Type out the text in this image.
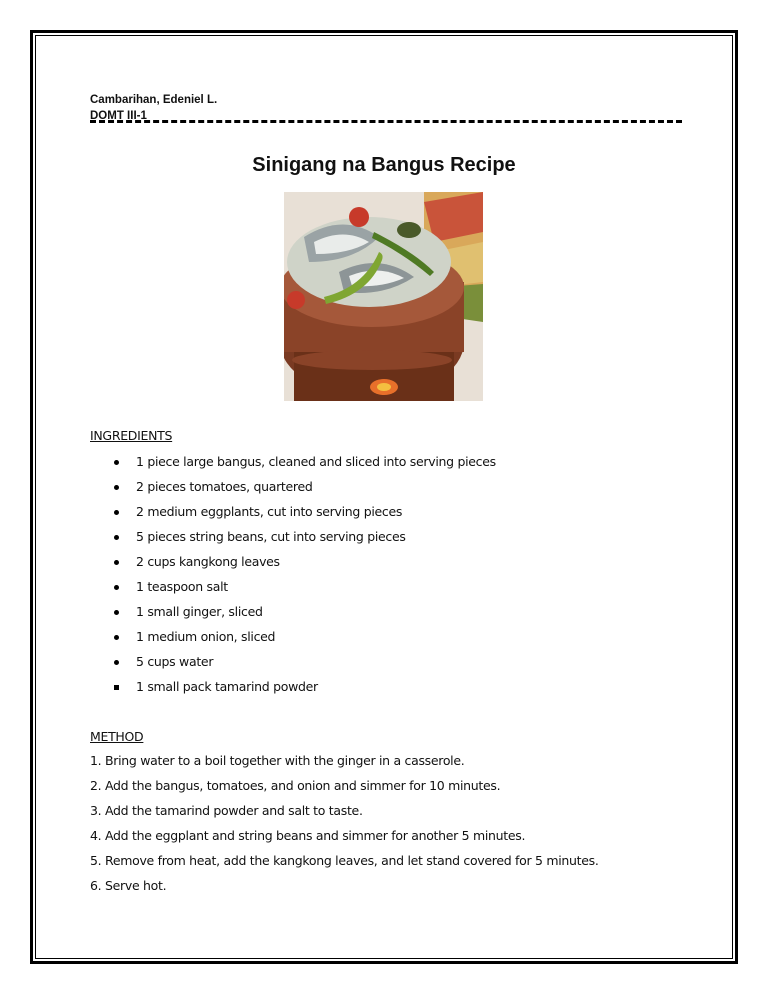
Cambarihan, Edeniel L.
DOMT III-1
Sinigang na Bangus Recipe
INGREDIENTS
1 piece large bangus, cleaned and sliced into serving pieces
2 pieces tomatoes, quartered
2 medium eggplants, cut into serving pieces
5 pieces string beans, cut into serving pieces
2 cups kangkong leaves
1 teaspoon salt
1 small ginger, sliced
1 medium onion, sliced
5 cups water
1 small pack tamarind powder
METHOD
1. Bring water to a boil together with the ginger in a casserole.
2. Add the bangus, tomatoes, and onion and simmer for 10 minutes.
3. Add the tamarind powder and salt to taste.
4. Add the eggplant and string beans and simmer for another 5 minutes.
5. Remove from heat, add the kangkong leaves, and let stand covered for 5 minutes.
6. Serve hot.
